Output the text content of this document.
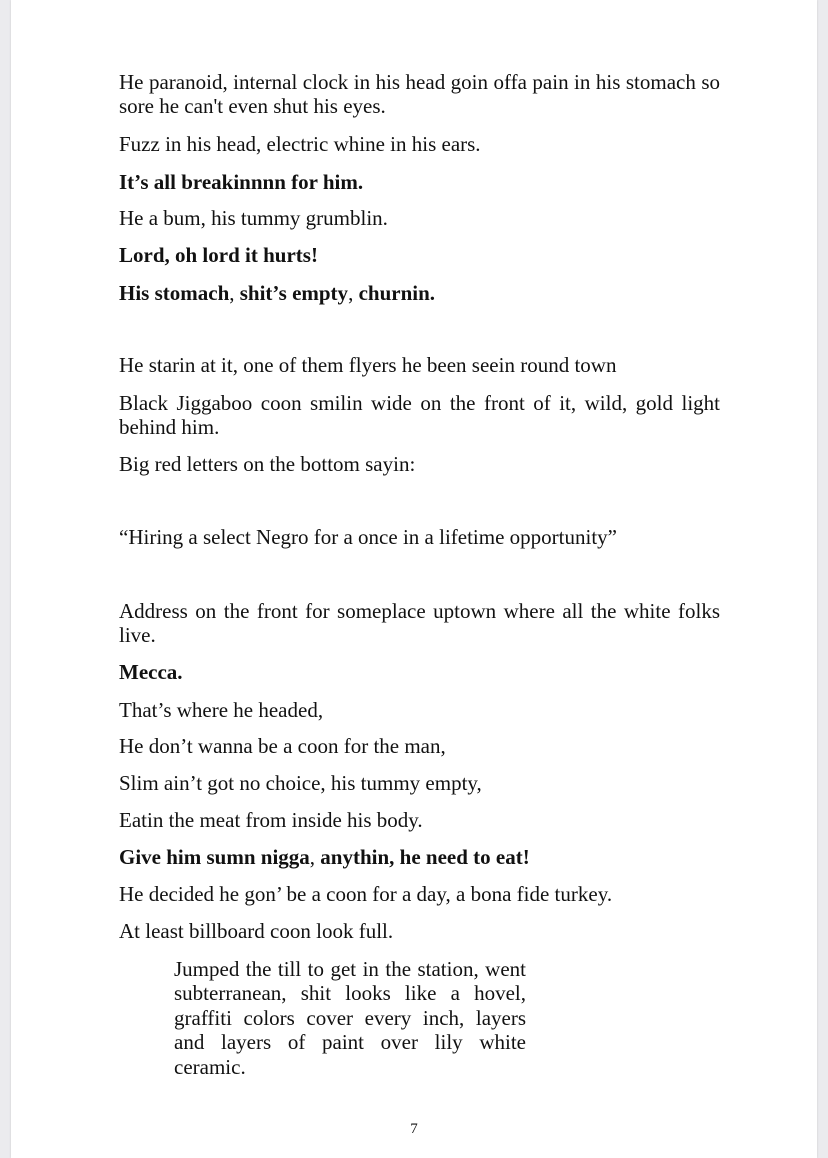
He paranoid, internal clock in his head goin offa pain in his stomach so sore he can't even shut his eyes.

Fuzz in his head, electric whine in his ears.

It’s all breakinnnn for him.

He a bum, his tummy grumblin.

Lord, oh lord it hurts!

His stomach, shit’s empty, churnin.

He starin at it, one of them flyers he been seein round town

Black Jiggaboo coon smilin wide on the front of it, wild, gold light behind him.

Big red letters on the bottom sayin:

“Hiring a select Negro for a once in a lifetime opportunity”

Address on the front for someplace uptown where all the white folks live.

Mecca.

That’s where he headed,

He don’t wanna be a coon for the man,

Slim ain’t got no choice, his tummy empty,

Eatin the meat from inside his body.

Give him sumn nigga, anythin, he need to eat!

He decided he gon’ be a coon for a day, a bona fide turkey.

At least billboard coon look full.

Jumped the till to get in the station, went subterranean, shit looks like a hovel, graffiti colors cover every inch, layers and layers of paint over lily white ceramic.

7
